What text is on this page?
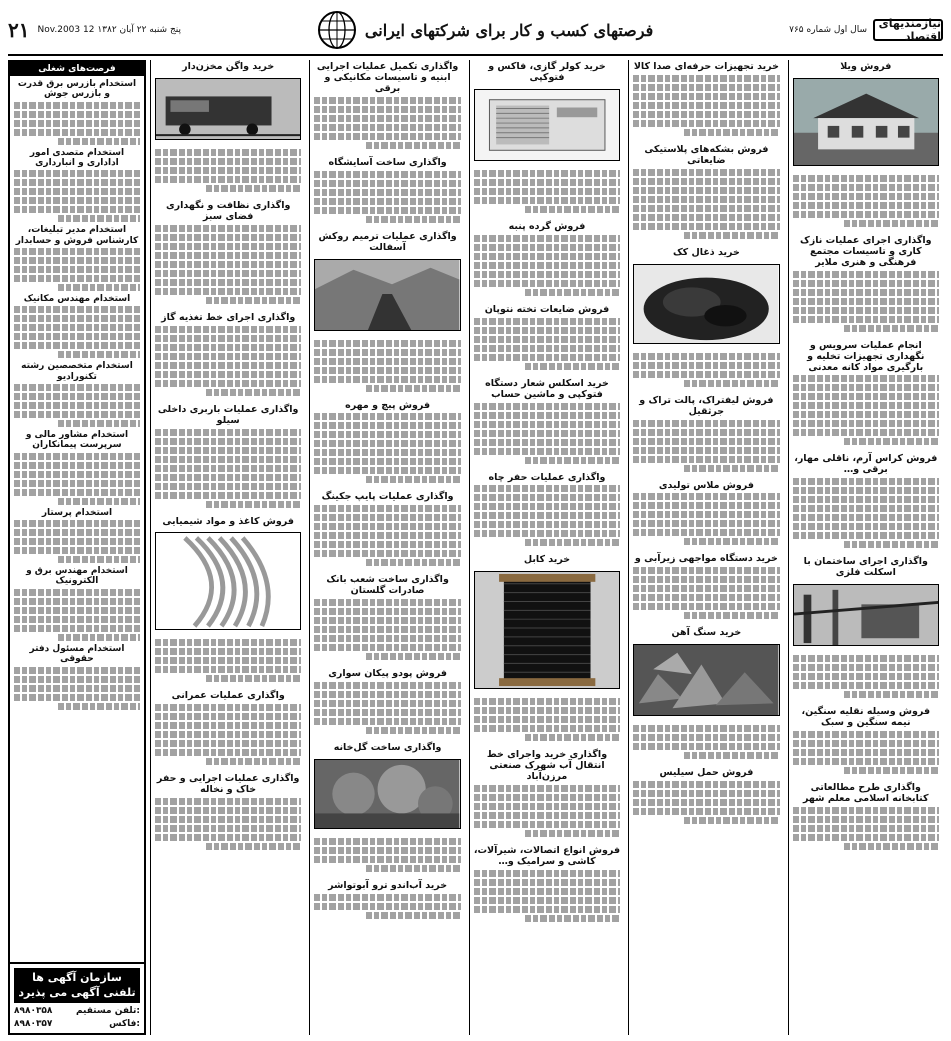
نیازمندیهای اقتصاد
سال اول شماره ۷۶۵
فرصتهای کسب و کار برای شرکتهای ایرانی
پنج شنبه ۲۲ آبان ۱۳۸۲ 12 Nov.2003
۲۱
فروش ویلا
واگذاری اجرای عملیات نازک کاری و تاسیسات مجتمع فرهنگی و هنری ملایر
انجام عملیات سرویس و نگهداری تجهیزات تخلیه و بارگیری مواد کانه معدنی
فروش کراس آرم، ناقلی مهار، برقی و…
واگذاری اجرای ساختمان با اسکلت فلزی
فروش وسیله نقلیه سنگین، نیمه سنگین و سبک
واگذاری طرح مطالعاتی کتابخانه اسلامی معلم شهر
خرید تجهیزات حرفه‌ای صدا کالا
فروش بشکه‌های پلاستیکی ضایعاتی
خرید ذغال کک
فروش لیفتراک، پالت تراک و جرثقیل
فروش ملاس تولیدی
خرید دستگاه مواجهی زیرآبی و
خرید سنگ آهن
فروش حمل سیلیس
خرید کولر گازی، فاکس و فتوکپی
فروش گرده پنبه
فروش ضایعات تخته نتوپان
خرید اسکلس شعار دستگاه فتوکپی و ماشین حساب
واگذاری عملیات حفر چاه
خرید کابل
واگذاری خرید واجرای خط انتقال آب شهرک صنعتی مرزن‌آباد
فروش انواع اتصالات، شیرآلات، کاشی و سرامیک و…
واگذاری تکمیل عملیات اجرایی ابنیه و تاسیسات مکانیکی و برقی
واگذاری ساخت آسایشگاه
واگذاری عملیات ترمیم روکش آسفالت
فروش پیچ و مهره
واگذاری عملیات پایپ جکینگ
واگذاری ساخت شعب بانک صادرات گلستان
فروش پودو پیکان سواری
واگذاری ساخت گل‌خانه
خرید آب‌اندو ترو آبوتواشر
خرید واگن مخزن‌دار
واگذاری نظافت و نگهداری فضای سبز
واگذاری اجرای خط تغذیه گاز
واگذاری عملیات باربری داخلی سیلو
فروش کاغذ و مواد شیمیایی
واگذاری عملیات عمرانی
واگذاری عملیات اجرایی و حفر خاک و نخاله
فرصت‌های شغلی
استخدام بازرس برق قدرت و بازرس جوش
استخدام متصدی امور اداداری و انبارداری
استخدام مدیر تبلیغات، کارشناس فروش و حسابدار
استخدام مهندس مکانیک
استخدام متخصصین رشته تکنورادیو
استخدام مشاور مالی و سرپرست پیمانکاران
استخدام پرستار
استخدام مهندس برق و الکترونیک
استخدام مسئول دفتر حقوقی
سازمان آگهی ها تلفنی آگهی می پذیرد
۸۹۸۰۳۵۸	تلفن مستقیم:
۸۹۸۰۳۵۷	فاکس:
